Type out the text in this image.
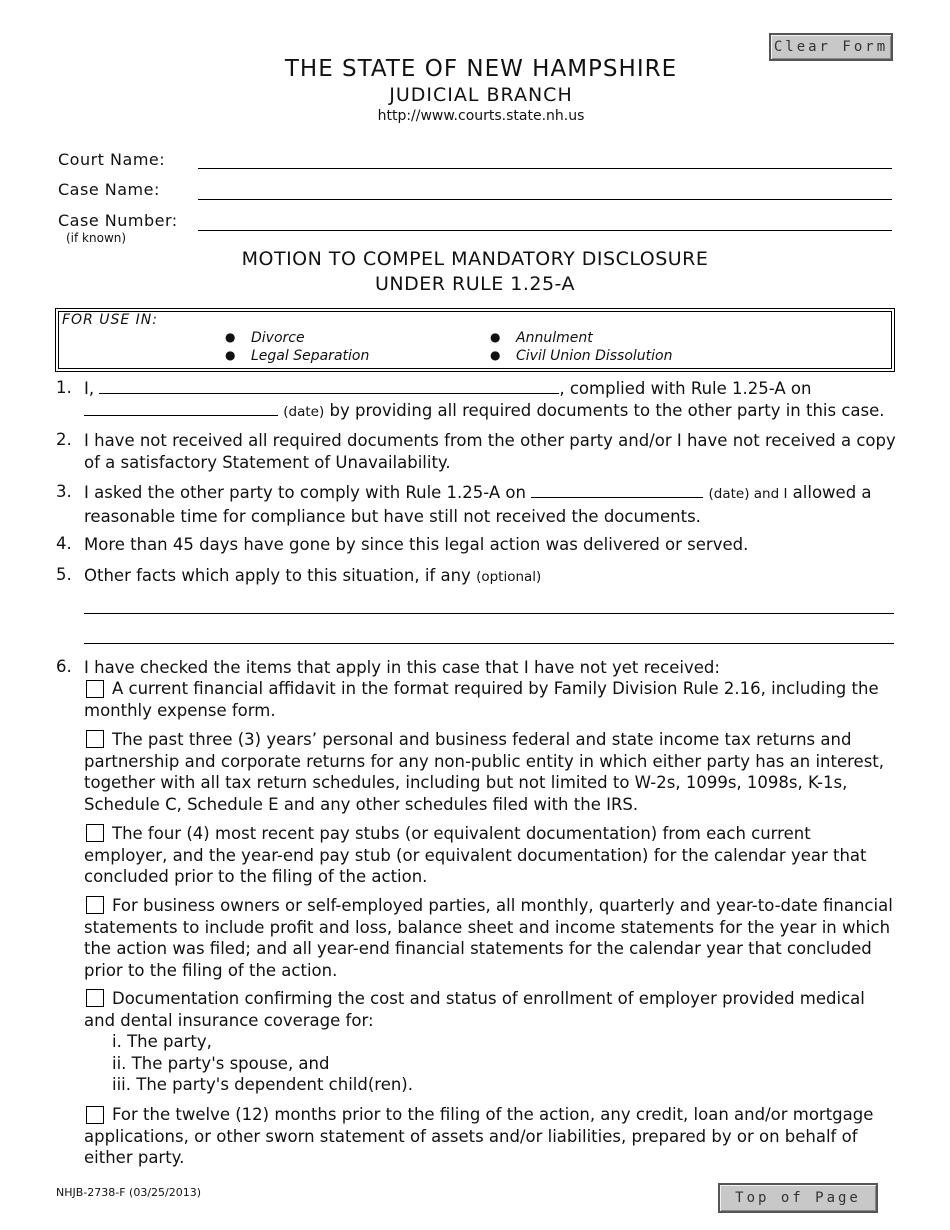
Clear Form
THE STATE OF NEW HAMPSHIRE
JUDICIAL BRANCH
http://www.courts.state.nh.us
Court Name:
Case Name:
Case Number:
(if known)
MOTION TO COMPEL MANDATORY DISCLOSURE
UNDER RULE 1.25-A
FOR USE IN:
● Divorce
● Legal Separation
● Annulment
● Civil Union Dissolution
1. I,	, complied with Rule 1.25-A on
(date) by providing all required documents to the other party in this case.
2. I have not received all required documents from the other party and/or I have not received a copy of a satisfactory Statement of Unavailability.
3. I asked the other party to comply with Rule 1.25-A on	(date) and I allowed a reasonable time for compliance but have still not received the documents.
4. More than 45 days have gone by since this legal action was delivered or served.
5. Other facts which apply to this situation, if any (optional)
6. I have checked the items that apply in this case that I have not yet received:
A current financial affidavit in the format required by Family Division Rule 2.16, including the monthly expense form.
The past three (3) years’ personal and business federal and state income tax returns and partnership and corporate returns for any non-public entity in which either party has an interest, together with all tax return schedules, including but not limited to W-2s, 1099s, 1098s, K-1s, Schedule C, Schedule E and any other schedules filed with the IRS.
The four (4) most recent pay stubs (or equivalent documentation) from each current employer, and the year-end pay stub (or equivalent documentation) for the calendar year that concluded prior to the filing of the action.
For business owners or self-employed parties, all monthly, quarterly and year-to-date financial statements to include profit and loss, balance sheet and income statements for the year in which the action was filed; and all year-end financial statements for the calendar year that concluded prior to the filing of the action.
Documentation confirming the cost and status of enrollment of employer provided medical and dental insurance coverage for:
i. The party,
ii. The party's spouse, and
iii. The party's dependent child(ren).
For the twelve (12) months prior to the filing of the action, any credit, loan and/or mortgage applications, or other sworn statement of assets and/or liabilities, prepared by or on behalf of either party.
NHJB-2738-F (03/25/2013)	Top of Page
